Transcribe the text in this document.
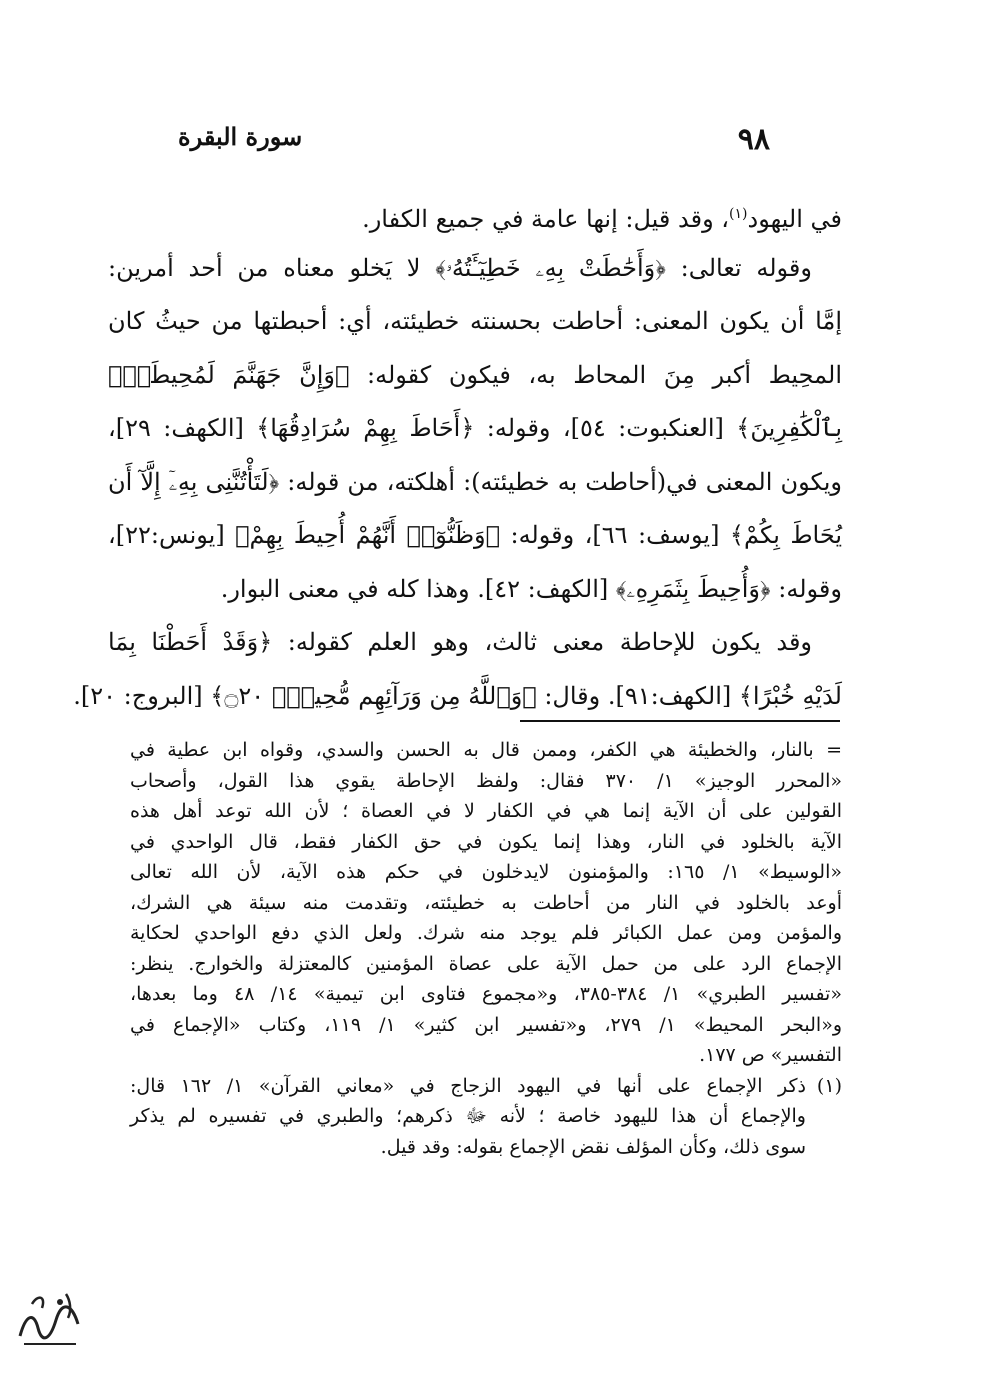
٩٨
سورة البقرة
في اليهود$^{(١)}$، وقد قيل: إنها عامة في جميع الكفار.
وقوله تعالى: ﴿وَأَحَٰطَتْ بِهِۦ خَطِيٓـَٔتُهُۥ﴾ لا يَخلو معناه من أحد أمرين:
إمَّا أن يكون المعنى: أحاطت بحسنته خطيئته، أي: أحبطتها من حيثُ كان
المحِيط أكبر مِنَ المحاط به، فيكون كقوله: ﴿وَإِنَّ جَهَنَّمَ لَمُحِيطَةٌۢ
بِٱلْكَٰفِرِينَ﴾ [العنكبوت: ٥٤]، وقوله: ﴿أَحَاطَ بِهِمْ سُرَادِقُهَا﴾ [الكهف: ٢٩]،
ويكون المعنى في(أحاطت به خطيئته): أهلكته، من قوله: ﴿لَتَأْتُنَّنِى بِهِۦٓ إِلَّآ أَن
يُحَاطَ بِكُمْ﴾ [يوسف: ٦٦]، وقوله: ﴿وَظَنُّوٓا۟ أَنَّهُمْ أُحِيطَ بِهِمْ﴾ [يونس:٢٢]،
وقوله: ﴿وَأُحِيطَ بِثَمَرِهِۦ﴾ [الكهف: ٤٢]. وهذا كله في معنى البوار.
وقد يكون للإحاطة معنى ثالث، وهو العلم كقوله: ﴿وَقَدْ أَحَطْنَا بِمَا
لَدَيْهِ خُبْرًا﴾ [الكهف:٩١]. وقال: ﴿وَٱللَّهُ مِن وَرَآئِهِم مُّحِيطٌۢ ۝٢٠﴾ [البروج: ٢٠].
= بالنار، والخطيئة هي الكفر، وممن قال به الحسن والسدي، وقواه ابن عطية في
«المحرر الوجيز» ١/ ٣٧٠ فقال: ولفظ الإحاطة يقوي هذا القول، وأصحاب
القولين على أن الآية إنما هي في الكفار لا في العصاة ؛ لأن الله توعد أهل هذه
الآية بالخلود في النار، وهذا إنما يكون في حق الكفار فقط، قال الواحدي في
«الوسيط» ١/ ١٦٥: والمؤمنون لايدخلون في حكم هذه الآية، لأن الله تعالى
أوعد بالخلود في النار من أحاطت به خطيئته، وتقدمت منه سيئة هي الشرك،
والمؤمن ومن عمل الكبائر فلم يوجد منه شرك. ولعل الذي دفع الواحدي لحكاية
الإجماع الرد على من حمل الآية على عصاة المؤمنين كالمعتزلة والخوارج. ينظر:
«تفسير الطبري» ١/ ٣٨٤-٣٨٥، و«مجموع فتاوى ابن تيمية» ١٤/ ٤٨ وما بعدها،
و«البحر المحيط» ١/ ٢٧٩، و«تفسير ابن كثير» ١/ ١١٩، وكتاب «الإجماع في
التفسير» ص ١٧٧.
(١)ذكر الإجماع على أنها في اليهود الزجاج في «معاني القرآن» ١/ ١٦٢ قال:
والإجماع أن هذا لليهود خاصة ؛ لأنه ﷻ ذكرهم؛ والطبري في تفسيره لم يذكر
سوى ذلك، وكأن المؤلف نقض الإجماع بقوله: وقد قيل.
